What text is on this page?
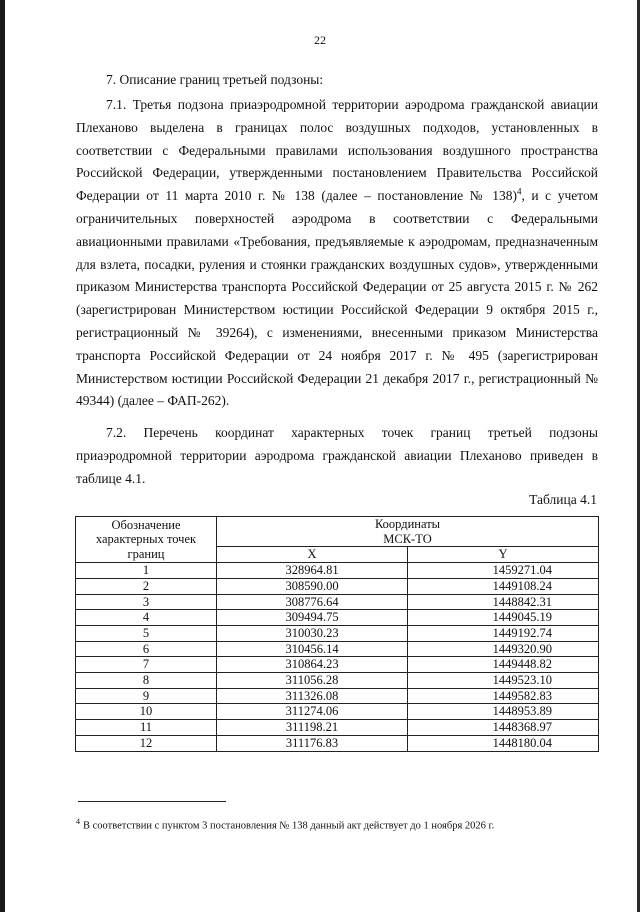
22
7. Описание границ третьей подзоны:

7.1. Третья подзона приаэродромной территории аэродрома гражданской авиации Плеханово выделена в границах полос воздушных подходов, установленных в соответствии с Федеральными правилами использования воздушного пространства Российской Федерации, утвержденными постановлением Правительства Российской Федерации от 11 марта 2010 г. № 138 (далее – постановление № 138)$^4$, и с учетом ограничительных поверхностей аэродрома в соответствии с Федеральными авиационными правилами «Требования, предъявляемые к аэродромам, предназначенным для взлета, посадки, руления и стоянки гражданских воздушных судов», утвержденными приказом Министерства транспорта Российской Федерации от 25 августа 2015 г. № 262 (зарегистрирован Министерством юстиции Российской Федерации 9 октября 2015 г., регистрационный № 39264), с изменениями, внесенными приказом Министерства транспорта Российской Федерации от 24 ноября 2017 г. № 495 (зарегистрирован Министерством юстиции Российской Федерации 21 декабря 2017 г., регистрационный № 49344) (далее – ФАП-262).

7.2. Перечень координат характерных точек границ третьей подзоны приаэродромной территории аэродрома гражданской авиации Плеханово приведен в таблице 4.1.

Таблица 4.1
Обозначение характерных точек границ	Координаты
МСК-ТО	

	X	Y
1	328964.81	1459271.04
2	308590.00	1449108.24
3	308776.64	1448842.31
4	309494.75	1449045.19
5	310030.23	1449192.74
6	310456.14	1449320.90
7	310864.23	1449448.82
8	311056.28	1449523.10
9	311326.08	1449582.83
10	311274.06	1448953.89
11	311198.21	1448368.97
12	311176.83	1448180.04
$^4$ В соответствии с пунктом 3 постановления № 138 данный акт действует до 1 ноября 2026 г.
